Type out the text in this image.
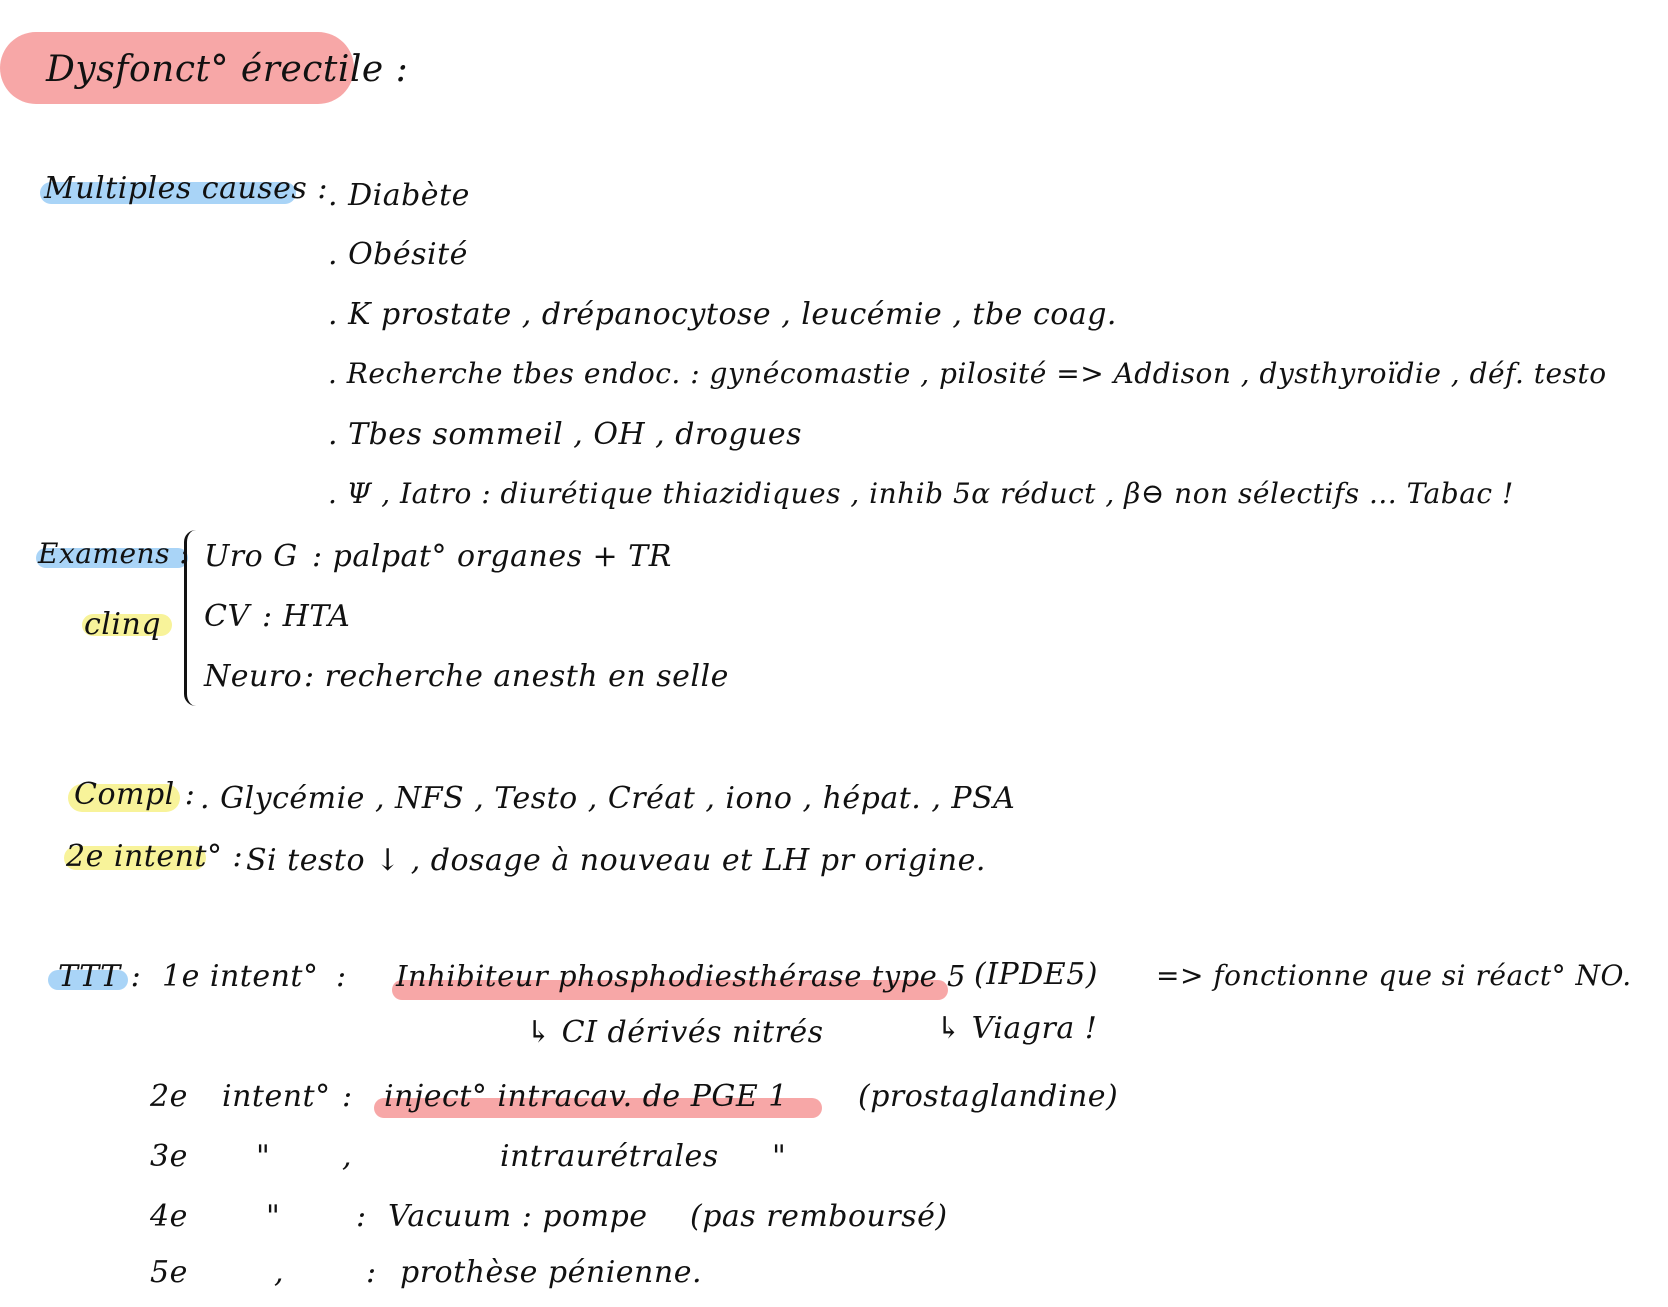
Dysfonct° érectile :
Multiples causes : . Diabète
. Obésité
. K prostate , drépanocytose , leucémie , tbe coag.
. Recherche tbes endoc. : gynécomastie , pilosité => Addison , dysthyroïdie , déf. testo
. Tbes sommeil , OH , drogues
. Ψ , Iatro : diurétique thiazidiques , inhib 5α réduct , β⊖ non sélectifs ... Tabac !
Examens :
clinq
Uro G : palpat° organes + TR
CV : HTA
Neuro : recherche anesth en selle
Compl : . Glycémie , NFS , Testo , Créat , iono , hépat. , PSA
2e intent° : Si testo ↓ , dosage à nouveau et LH pr origine.
TTT : 1e intent° : Inhibiteur phosphodiesthérase type 5 (IPDE5) => fonctionne que si réact° NO.
↳ CI dérivés nitrés	↳ Viagra !
2e intent° : inject° intracav. de PGE 1 (prostaglandine)
3e " ,	intraurétrales "
4e	"	: Vacuum : pompe (pas remboursé)
5e	,	: prothèse pénienne.
